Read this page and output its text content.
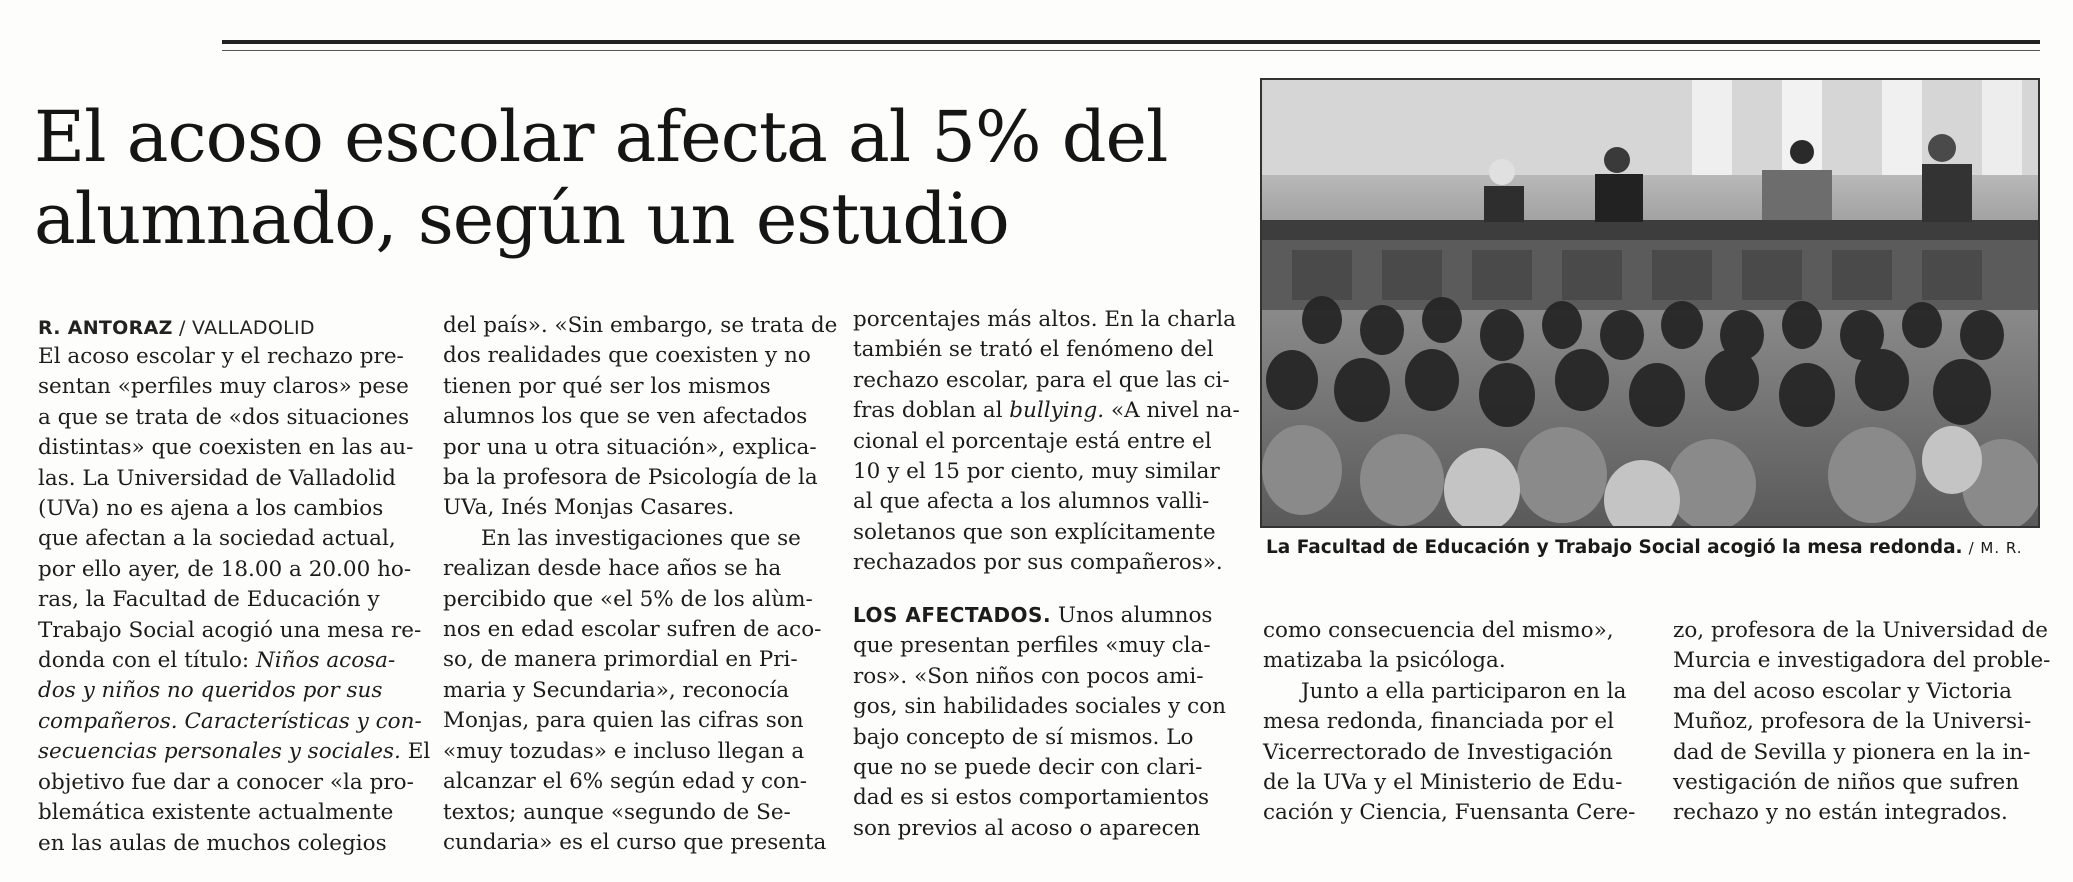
El acoso escolar afecta al 5% del
alumnado, según un estudio
R. ANTORAZ / VALLADOLID
El acoso escolar y el rechazo pre-
sentan «perfiles muy claros» pese
a que se trata de «dos situaciones
distintas» que coexisten en las au-
las. La Universidad de Valladolid
(UVa) no es ajena a los cambios
que afectan a la sociedad actual,
por ello ayer, de 18.00 a 20.00 ho-
ras, la Facultad de Educación y
Trabajo Social acogió una mesa re-
donda con el título: Niños acosa-
dos y niños no queridos por sus
compañeros. Características y con-
secuencias personales y sociales. El
objetivo fue dar a conocer «la pro-
blemática existente actualmente
en las aulas de muchos colegios
del país». «Sin embargo, se trata de
dos realidades que coexisten y no
tienen por qué ser los mismos
alumnos los que se ven afectados
por una u otra situación», explica-
ba la profesora de Psicología de la
UVa, Inés Monjas Casares.
En las investigaciones que se
realizan desde hace años se ha
percibido que «el 5% de los alùm-
nos en edad escolar sufren de aco-
so, de manera primordial en Pri-
maria y Secundaria», reconocía
Monjas, para quien las cifras son
«muy tozudas» e incluso llegan a
alcanzar el 6% según edad y con-
textos; aunque «segundo de Se-
cundaria» es el curso que presenta
porcentajes más altos. En la charla
también se trató el fenómeno del
rechazo escolar, para el que las ci-
fras doblan al bullying. «A nivel na-
cional el porcentaje está entre el
10 y el 15 por ciento, muy similar
al que afecta a los alumnos valli-
soletanos que son explícitamente
rechazados por sus compañeros».
LOS AFECTADOS. Unos alumnos
que presentan perfiles «muy cla-
ros». «Son niños con pocos ami-
gos, sin habilidades sociales y con
bajo concepto de sí mismos. Lo
que no se puede decir con clari-
dad es si estos comportamientos
son previos al acoso o aparecen
como consecuencia del mismo»,
matizaba la psicóloga.
Junto a ella participaron en la
mesa redonda, financiada por el
Vicerrectorado de Investigación
de la UVa y el Ministerio de Edu-
cación y Ciencia, Fuensanta Cere-
zo, profesora de la Universidad de
Murcia e investigadora del proble-
ma del acoso escolar y Victoria
Muñoz, profesora de la Universi-
dad de Sevilla y pionera en la in-
vestigación de niños que sufren
rechazo y no están integrados.
La Facultad de Educación y Trabajo Social acogió la mesa redonda. / M. R.
